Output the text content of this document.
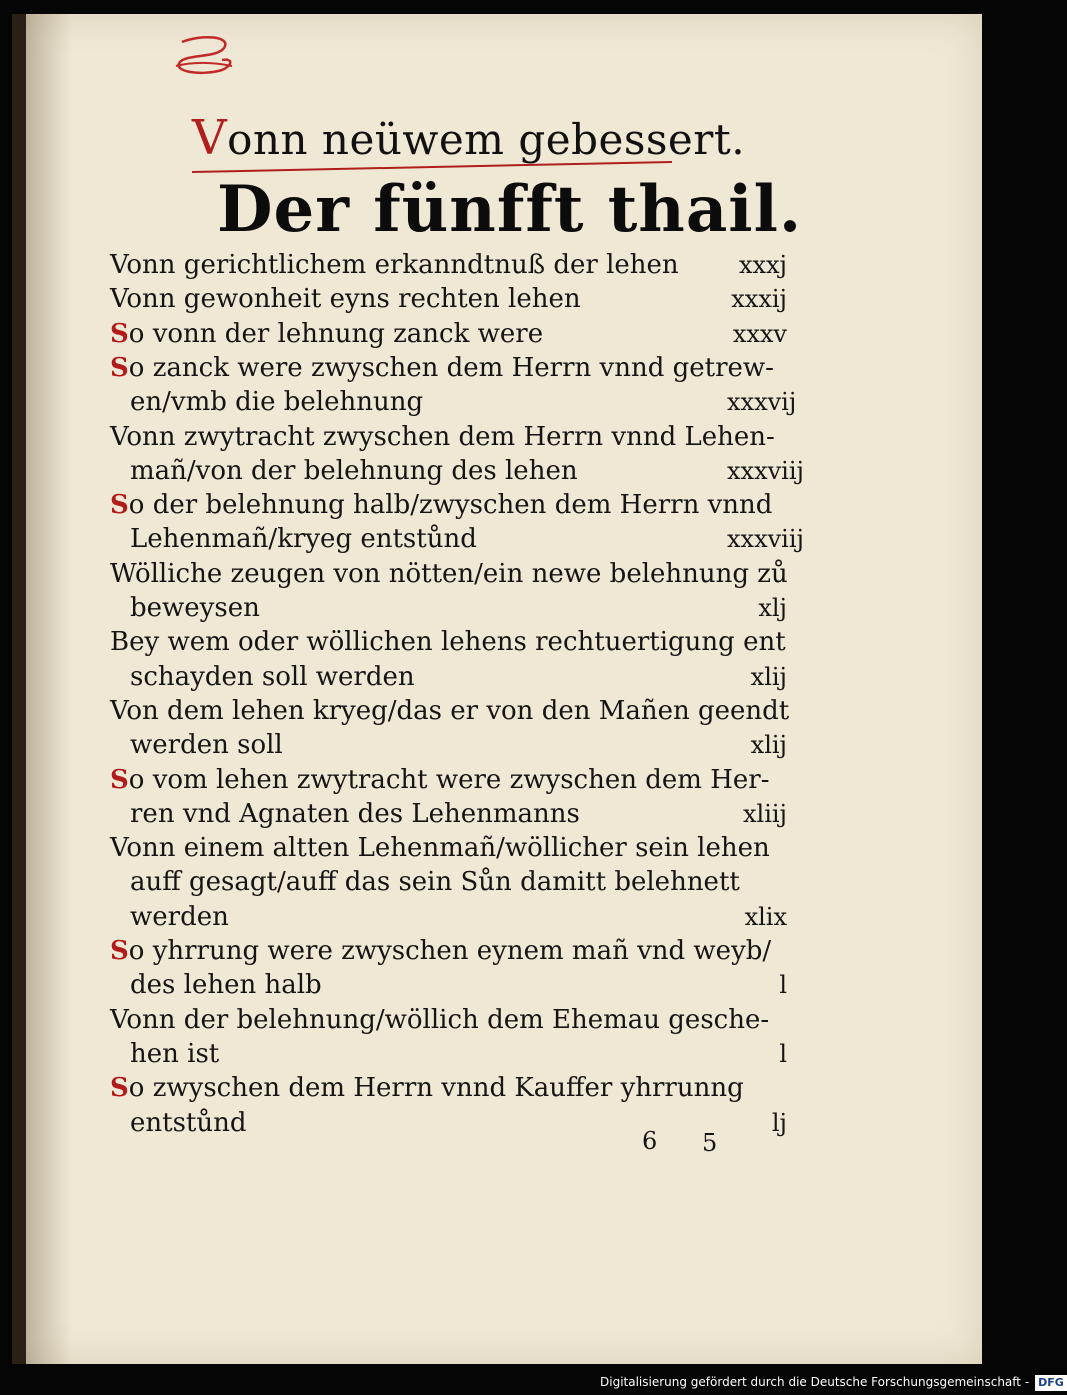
Vonn neüwem gebessert.
Der fünfft thail.
Vonn gerichtlichem erkanndtnuß der lehen	xxxj
Vonn gewonheit eyns rechten lehen	xxxij
So vonn der lehnung zanck were	xxxv
So zanck were zwyschen dem Herrn vnnd getrew-
en/vmb die belehnung	xxxvij
Vonn zwytracht zwyschen dem Herrn vnnd Lehen-
mañ/von der belehnung des lehen	xxxviij
So der belehnung halb/zwyschen dem Herrn vnnd
Lehenmañ/kryeg entstůnd	xxxviij
Wölliche zeugen von nötten/ein newe belehnung zů
beweysen	xlj
Bey wem oder wöllichen lehens rechtuertigung ent
schayden soll werden	xlij
Von dem lehen kryeg/das er von den Mañen geendt
werden soll	xlij
So vom lehen zwytracht were zwyschen dem Her-
ren vnd Agnaten des Lehenmanns	xliij
Vonn einem altten Lehenmañ/wöllicher sein lehen
auff gesagt/auff das sein Sůn damitt belehnett
werden	xlix
So yhrrung were zwyschen eynem mañ vnd weyb/
des lehen halb	l
Vonn der belehnung/wöllich dem Ehemau gesche-
hen ist	l
So zwyschen dem Herrn vnnd Kauffer yhrrunng
entstůnd	lj
6 5
Digitalisierung gefördert durch die Deutsche Forschungsgemeinschaft - DFG
